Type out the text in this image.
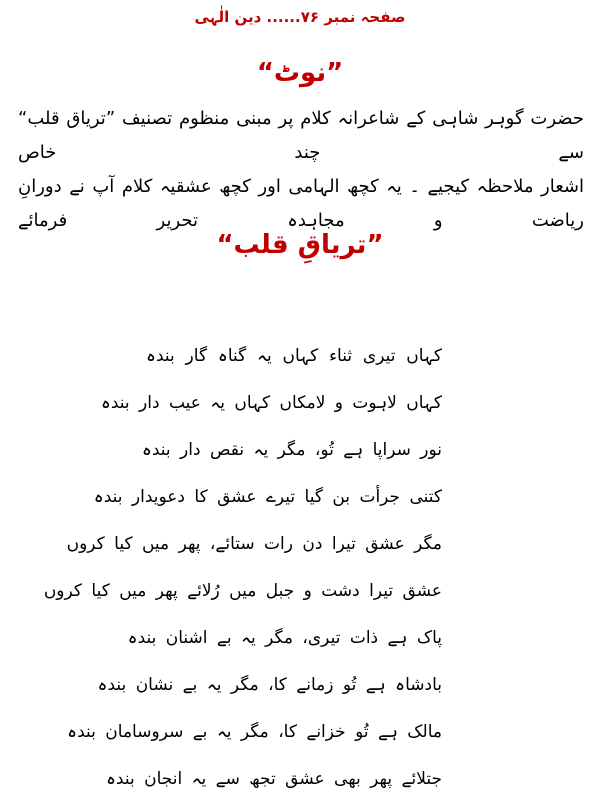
صفحہ نمبر ۷۶...... دین الٰہی
”نوٹ“
حضرت گوہر شاہی کے شاعرانہ کلام پر مبنی منظوم تصنیف ”تریاق قلب“ سے چند خاص
اشعار ملاحظہ کیجیے ۔ یہ کچھ الہامی اور کچھ عشقیہ کلام آپ نے دورانِ ریاضت و مجاہدہ تحریر فرمائے
”تریاقِ قلب“
کہاں تیری ثناء کہاں یہ گناہ گار بندہ
کہاں لاہوت و لامکاں کہاں یہ عیب دار بندہ
نور سراپا ہے تُو، مگر یہ نقص دار بندہ
کتنی جرأت بن گیا تیرے عشق کا دعویدار بندہ
مگر عشق تیرا دن رات ستائے، پھر میں کیا کروں
عشق تیرا دشت و جبل میں رُلائے پھر میں کیا کروں
پاک ہے ذات تیری، مگر یہ بے اشنان بندہ
بادشاہ ہے تُو زمانے کا، مگر یہ بے نشان بندہ
مالک ہے تُو خزانے کا، مگر یہ بے سروسامان بندہ
جتلائے پھر بھی عشق تجھ سے یہ انجان بندہ
